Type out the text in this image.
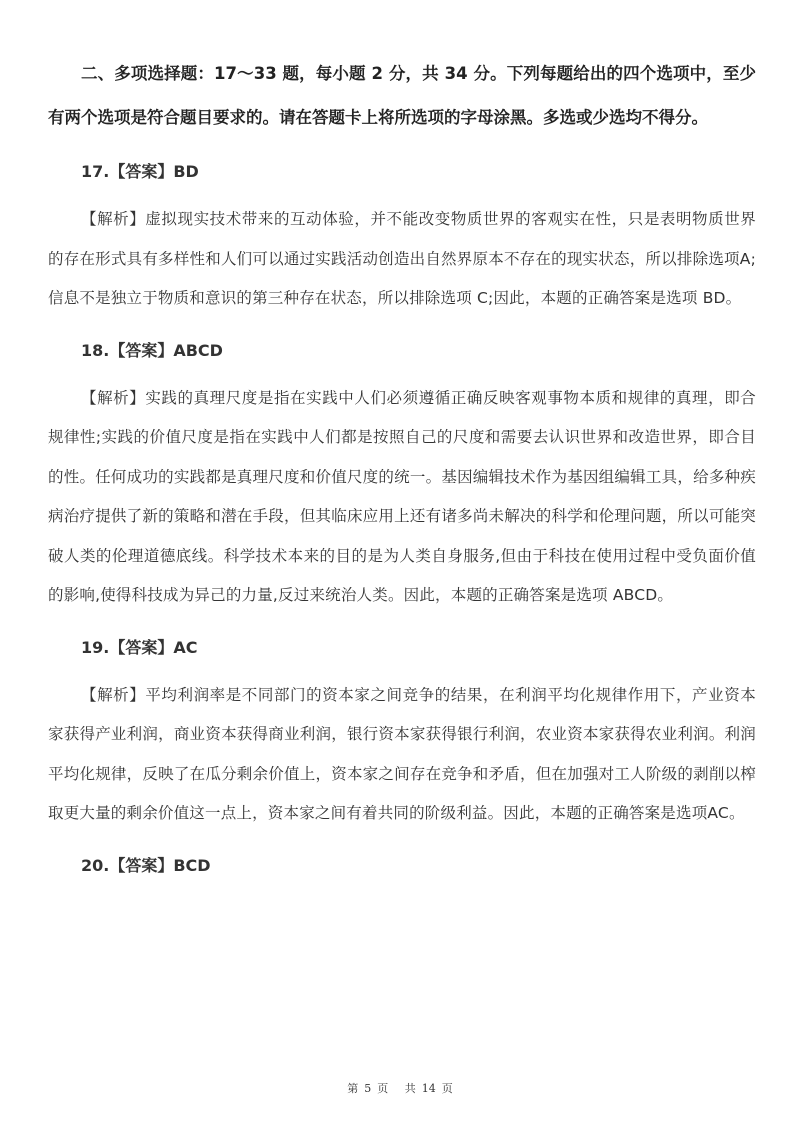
二、多项选择题：17～33 题，每小题 2 分，共 34 分。下列每题给出的四个选项中，至少有两个选项是符合题目要求的。请在答题卡上将所选项的字母涂黑。多选或少选均不得分。

17.【答案】BD

【解析】虚拟现实技术带来的互动体验，并不能改变物质世界的客观实在性，只是表明物质世界的存在形式具有多样性和人们可以通过实践活动创造出自然界原本不存在的现实状态，所以排除选项A;信息不是独立于物质和意识的第三种存在状态，所以排除选项 C;因此，本题的正确答案是选项 BD。

18.【答案】ABCD

【解析】实践的真理尺度是指在实践中人们必须遵循正确反映客观事物本质和规律的真理，即合规律性;实践的价值尺度是指在实践中人们都是按照自己的尺度和需要去认识世界和改造世界，即合目的性。任何成功的实践都是真理尺度和价值尺度的统一。基因编辑技术作为基因组编辑工具，给多种疾病治疗提供了新的策略和潜在手段，但其临床应用上还有诸多尚未解决的科学和伦理问题，所以可能突破人类的伦理道德底线。科学技术本来的目的是为人类自身服务,但由于科技在使用过程中受负面价值的影响,使得科技成为异己的力量,反过来统治人类。因此，本题的正确答案是选项 ABCD。

19.【答案】AC

【解析】平均利润率是不同部门的资本家之间竞争的结果，在利润平均化规律作用下，产业资本家获得产业利润，商业资本获得商业利润，银行资本家获得银行利润，农业资本家获得农业利润。利润平均化规律，反映了在瓜分剩余价值上，资本家之间存在竞争和矛盾，但在加强对工人阶级的剥削以榨取更大量的剩余价值这一点上，资本家之间有着共同的阶级利益。因此，本题的正确答案是选项AC。

20.【答案】BCD
第 5 页 共 14 页
